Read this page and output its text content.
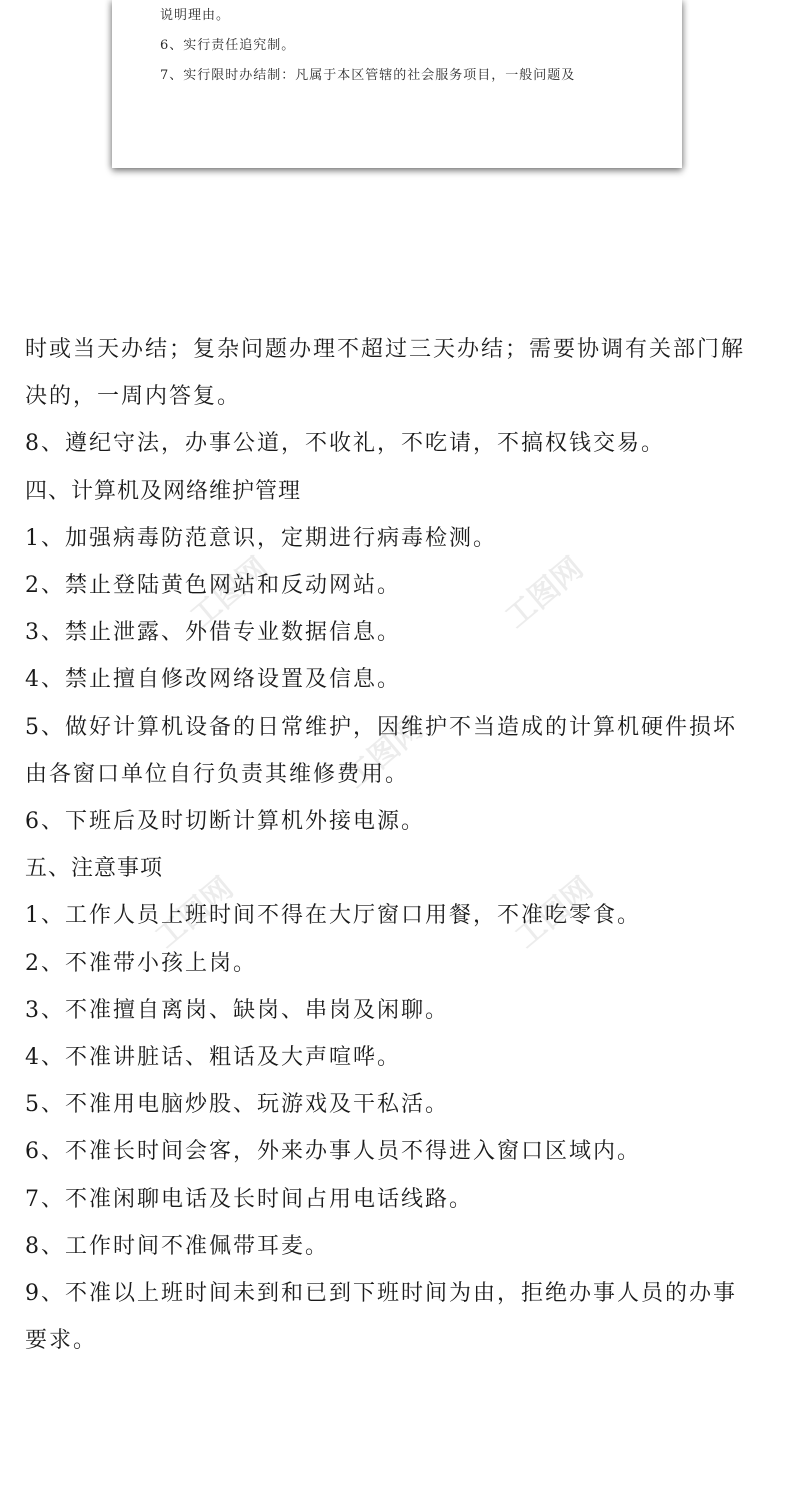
说明理由。
6、实行责任追究制。
7、实行限时办结制：凡属于本区管辖的社会服务项目，一般问题及
工图网	工图网
工图网
工图网	工图网

时或当天办结；复杂问题办理不超过三天办结；需要协调有关部门解

决的，一周内答复。

8、遵纪守法，办事公道，不收礼，不吃请，不搞权钱交易。

四、计算机及网络维护管理

1、加强病毒防范意识，定期进行病毒检测。

2、禁止登陆黄色网站和反动网站。

3、禁止泄露、外借专业数据信息。

4、禁止擅自修改网络设置及信息。

5、做好计算机设备的日常维护，因维护不当造成的计算机硬件损坏

由各窗口单位自行负责其维修费用。

6、下班后及时切断计算机外接电源。

五、注意事项

1、工作人员上班时间不得在大厅窗口用餐，不准吃零食。

2、不准带小孩上岗。

3、不准擅自离岗、缺岗、串岗及闲聊。

4、不准讲脏话、粗话及大声喧哗。

5、不准用电脑炒股、玩游戏及干私活。

6、不准长时间会客，外来办事人员不得进入窗口区域内。

7、不准闲聊电话及长时间占用电话线路。

8、工作时间不准佩带耳麦。

9、不准以上班时间未到和已到下班时间为由，拒绝办事人员的办事

要求。
